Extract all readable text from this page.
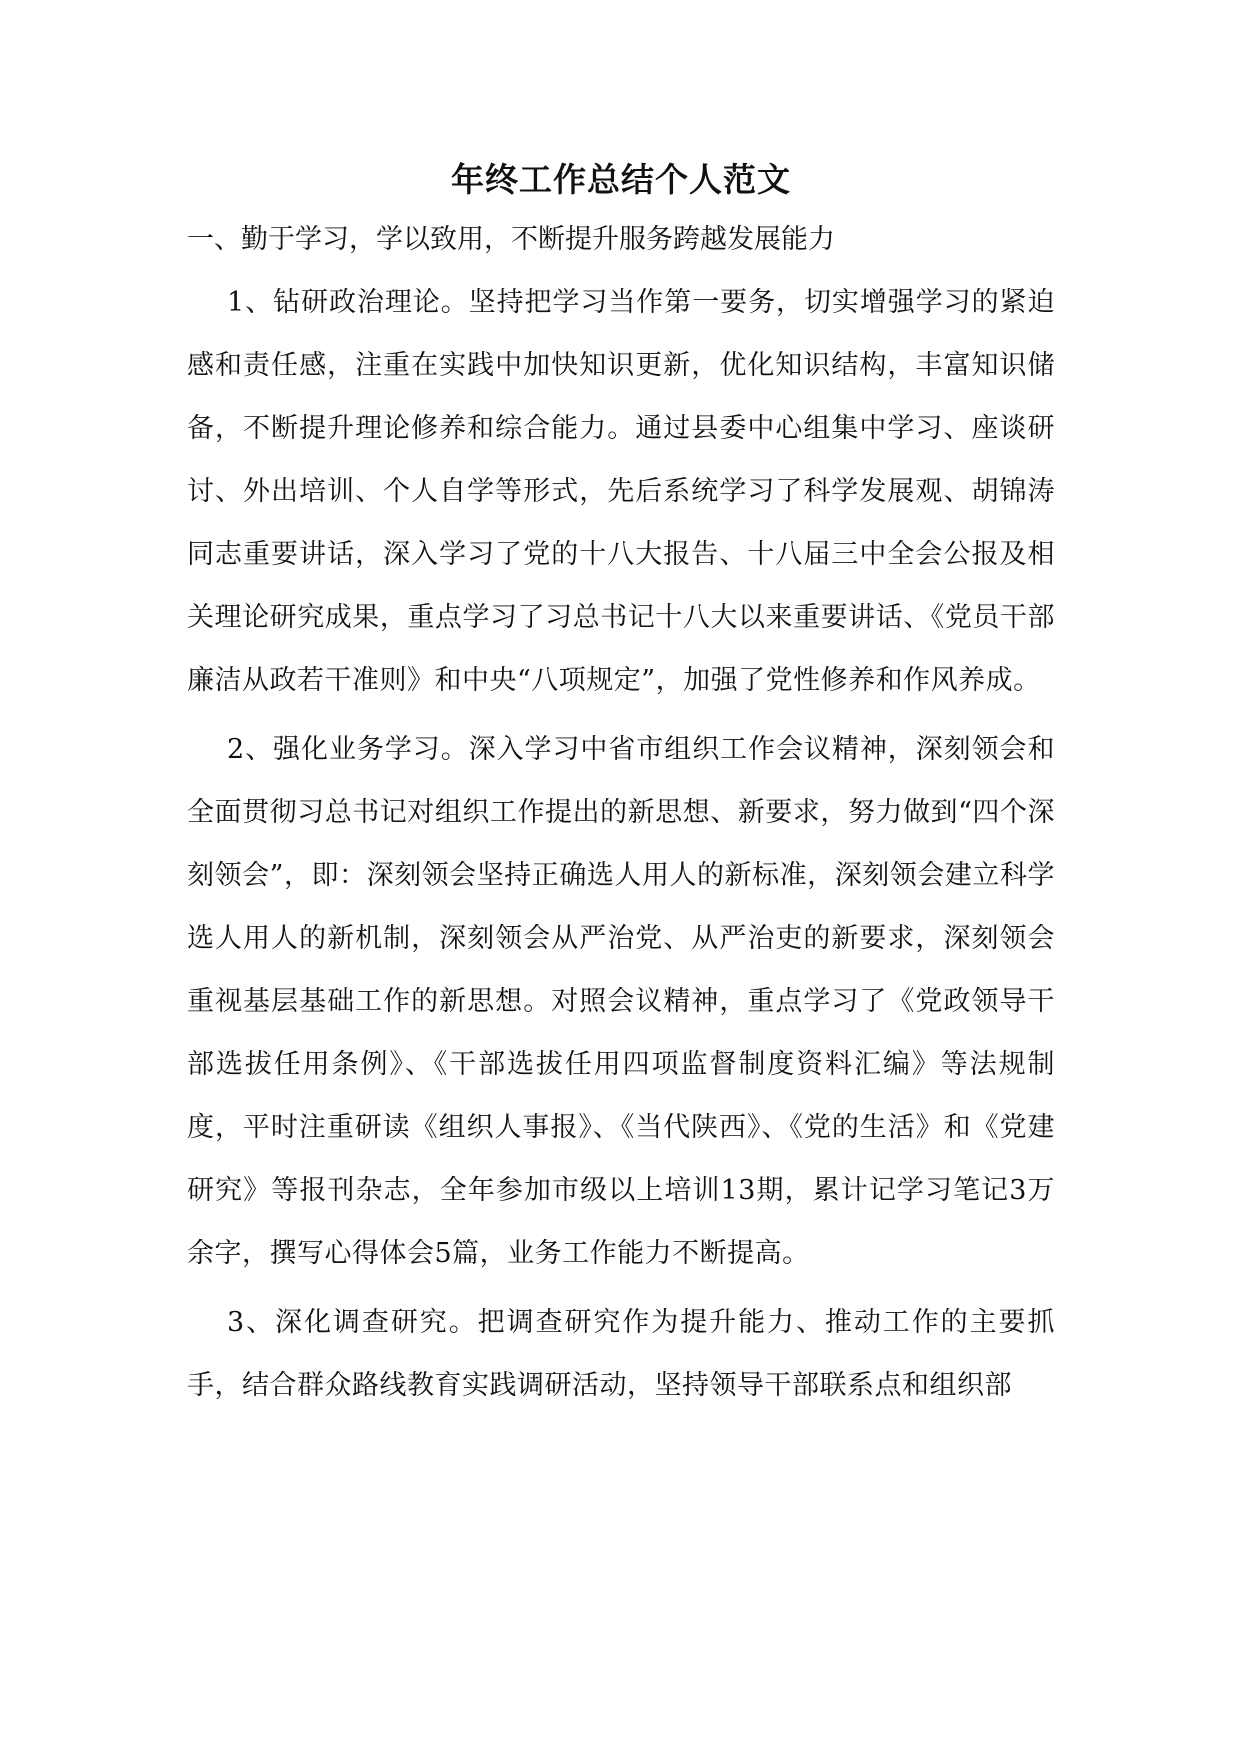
年终工作总结个人范文

一、勤于学习，学以致用，不断提升服务跨越发展能力

1、钻研政治理论。坚持把学习当作第一要务，切实增强学习的紧迫感和责任感，注重在实践中加快知识更新，优化知识结构，丰富知识储备，不断提升理论修养和综合能力。通过县委中心组集中学习、座谈研讨、外出培训、个人自学等形式，先后系统学习了科学发展观、胡锦涛同志重要讲话，深入学习了党的十八大报告、十八届三中全会公报及相关理论研究成果，重点学习了习总书记十八大以来重要讲话、《党员干部廉洁从政若干准则》和中央“八项规定”，加强了党性修养和作风养成。

2、强化业务学习。深入学习中省市组织工作会议精神，深刻领会和全面贯彻习总书记对组织工作提出的新思想、新要求，努力做到“四个深刻领会”，即：深刻领会坚持正确选人用人的新标准，深刻领会建立科学选人用人的新机制，深刻领会从严治党、从严治吏的新要求，深刻领会重视基层基础工作的新思想。对照会议精神，重点学习了《党政领导干部选拔任用条例》、《干部选拔任用四项监督制度资料汇编》等法规制度，平时注重研读《组织人事报》、《当代陕西》、《党的生活》和《党建研究》等报刊杂志，全年参加市级以上培训13期，累计记学习笔记3万余字，撰写心得体会5篇，业务工作能力不断提高。

3、深化调查研究。把调查研究作为提升能力、推动工作的主要抓手，结合群众路线教育实践调研活动，坚持领导干部联系点和组织部
